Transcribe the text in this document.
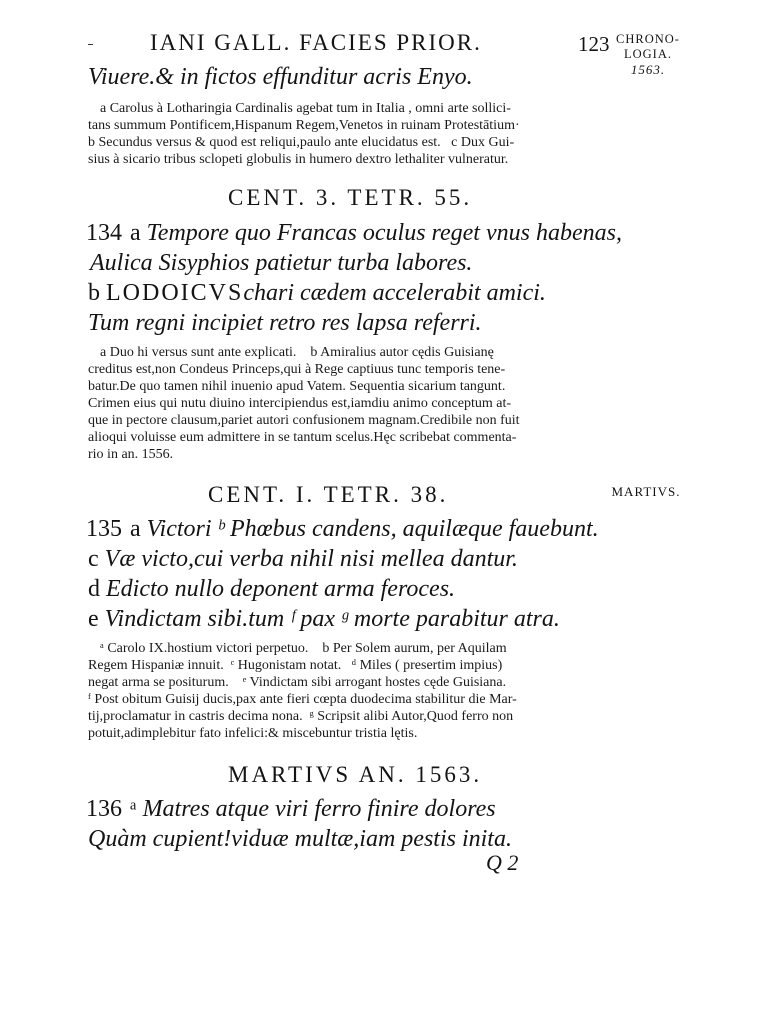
IANI GALL. FACIES PRIOR.	123 CHRONO-
LOGIA.
1563.
Viuere.& in fictos effunditur acris Enyo.
a Carolus à Lotharingia Cardinalis agebat tum in Italia , omni arte sollici-
tans summum Pontificem,Hispanum Regem,Venetos in ruinam Protestātium·
b Secundus versus & quod est reliqui,paulo ante elucidatus est.   c Dux Gui-
sius à sicario tribus sclopeti globulis in humero dextro lethaliter vulneratur.
CENT. 3. TETR. 55.
134 a Tempore quo Francas oculus reget vnus habenas,
Aulica Sisyphios patietur turba labores.
b LODOICVSchari cædem accelerabit amici.
Tum regni incipiet retro res lapsa referri.
a Duo hi versus sunt ante explicati.    b Amiralius autor cędis Guisianę
creditus est,non Condeus Princeps,qui à Rege captiuus tunc temporis tene-
batur.De quo tamen nihil inuenio apud Vatem. Sequentia sicarium tangunt.
Crimen eius qui nutu diuino intercipiendus est,iamdiu animo conceptum at-
que in pectore clausum,pariet autori confusionem magnam.Credibile non fuit
alioqui voluisse eum admittere in se tantum scelus.Hęc scribebat commenta-
rio in an. 1556.
CENT. I. TETR. 38.	MARTIVS.
135 a Victori ᵇ Phœbus candens, aquilæque fauebunt.
c Væ victo,cui verba nihil nisi mellea dantur.
d Edicto nullo deponent arma feroces.
e Vindictam sibi.tum ᶠ pax ᵍ morte parabitur atra.
ᵃ Carolo IX.hostium victori perpetuo.    b Per Solem aurum, per Aquilam
Regem Hispaniæ innuit.  ᶜ Hugonistam notat.   ᵈ Miles ( presertim impius)
negat arma se positurum.    ᵉ Vindictam sibi arrogant hostes cęde Guisiana.
ᶠ Post obitum Guisij ducis,pax ante fieri cœpta duodecima stabilitur die Mar-
tij,proclamatur in castris decima nona.  ᵍ Scripsit alibi Autor,Quod ferro non
potuit,adimplebitur fato infelici:& miscebuntur tristia lętis.
MARTIVS AN. 1563.
136 ᵃ Matres atque viri ferro finire dolores
Quàm cupient!viduæ multæ,iam pestis inita.
Q 2
